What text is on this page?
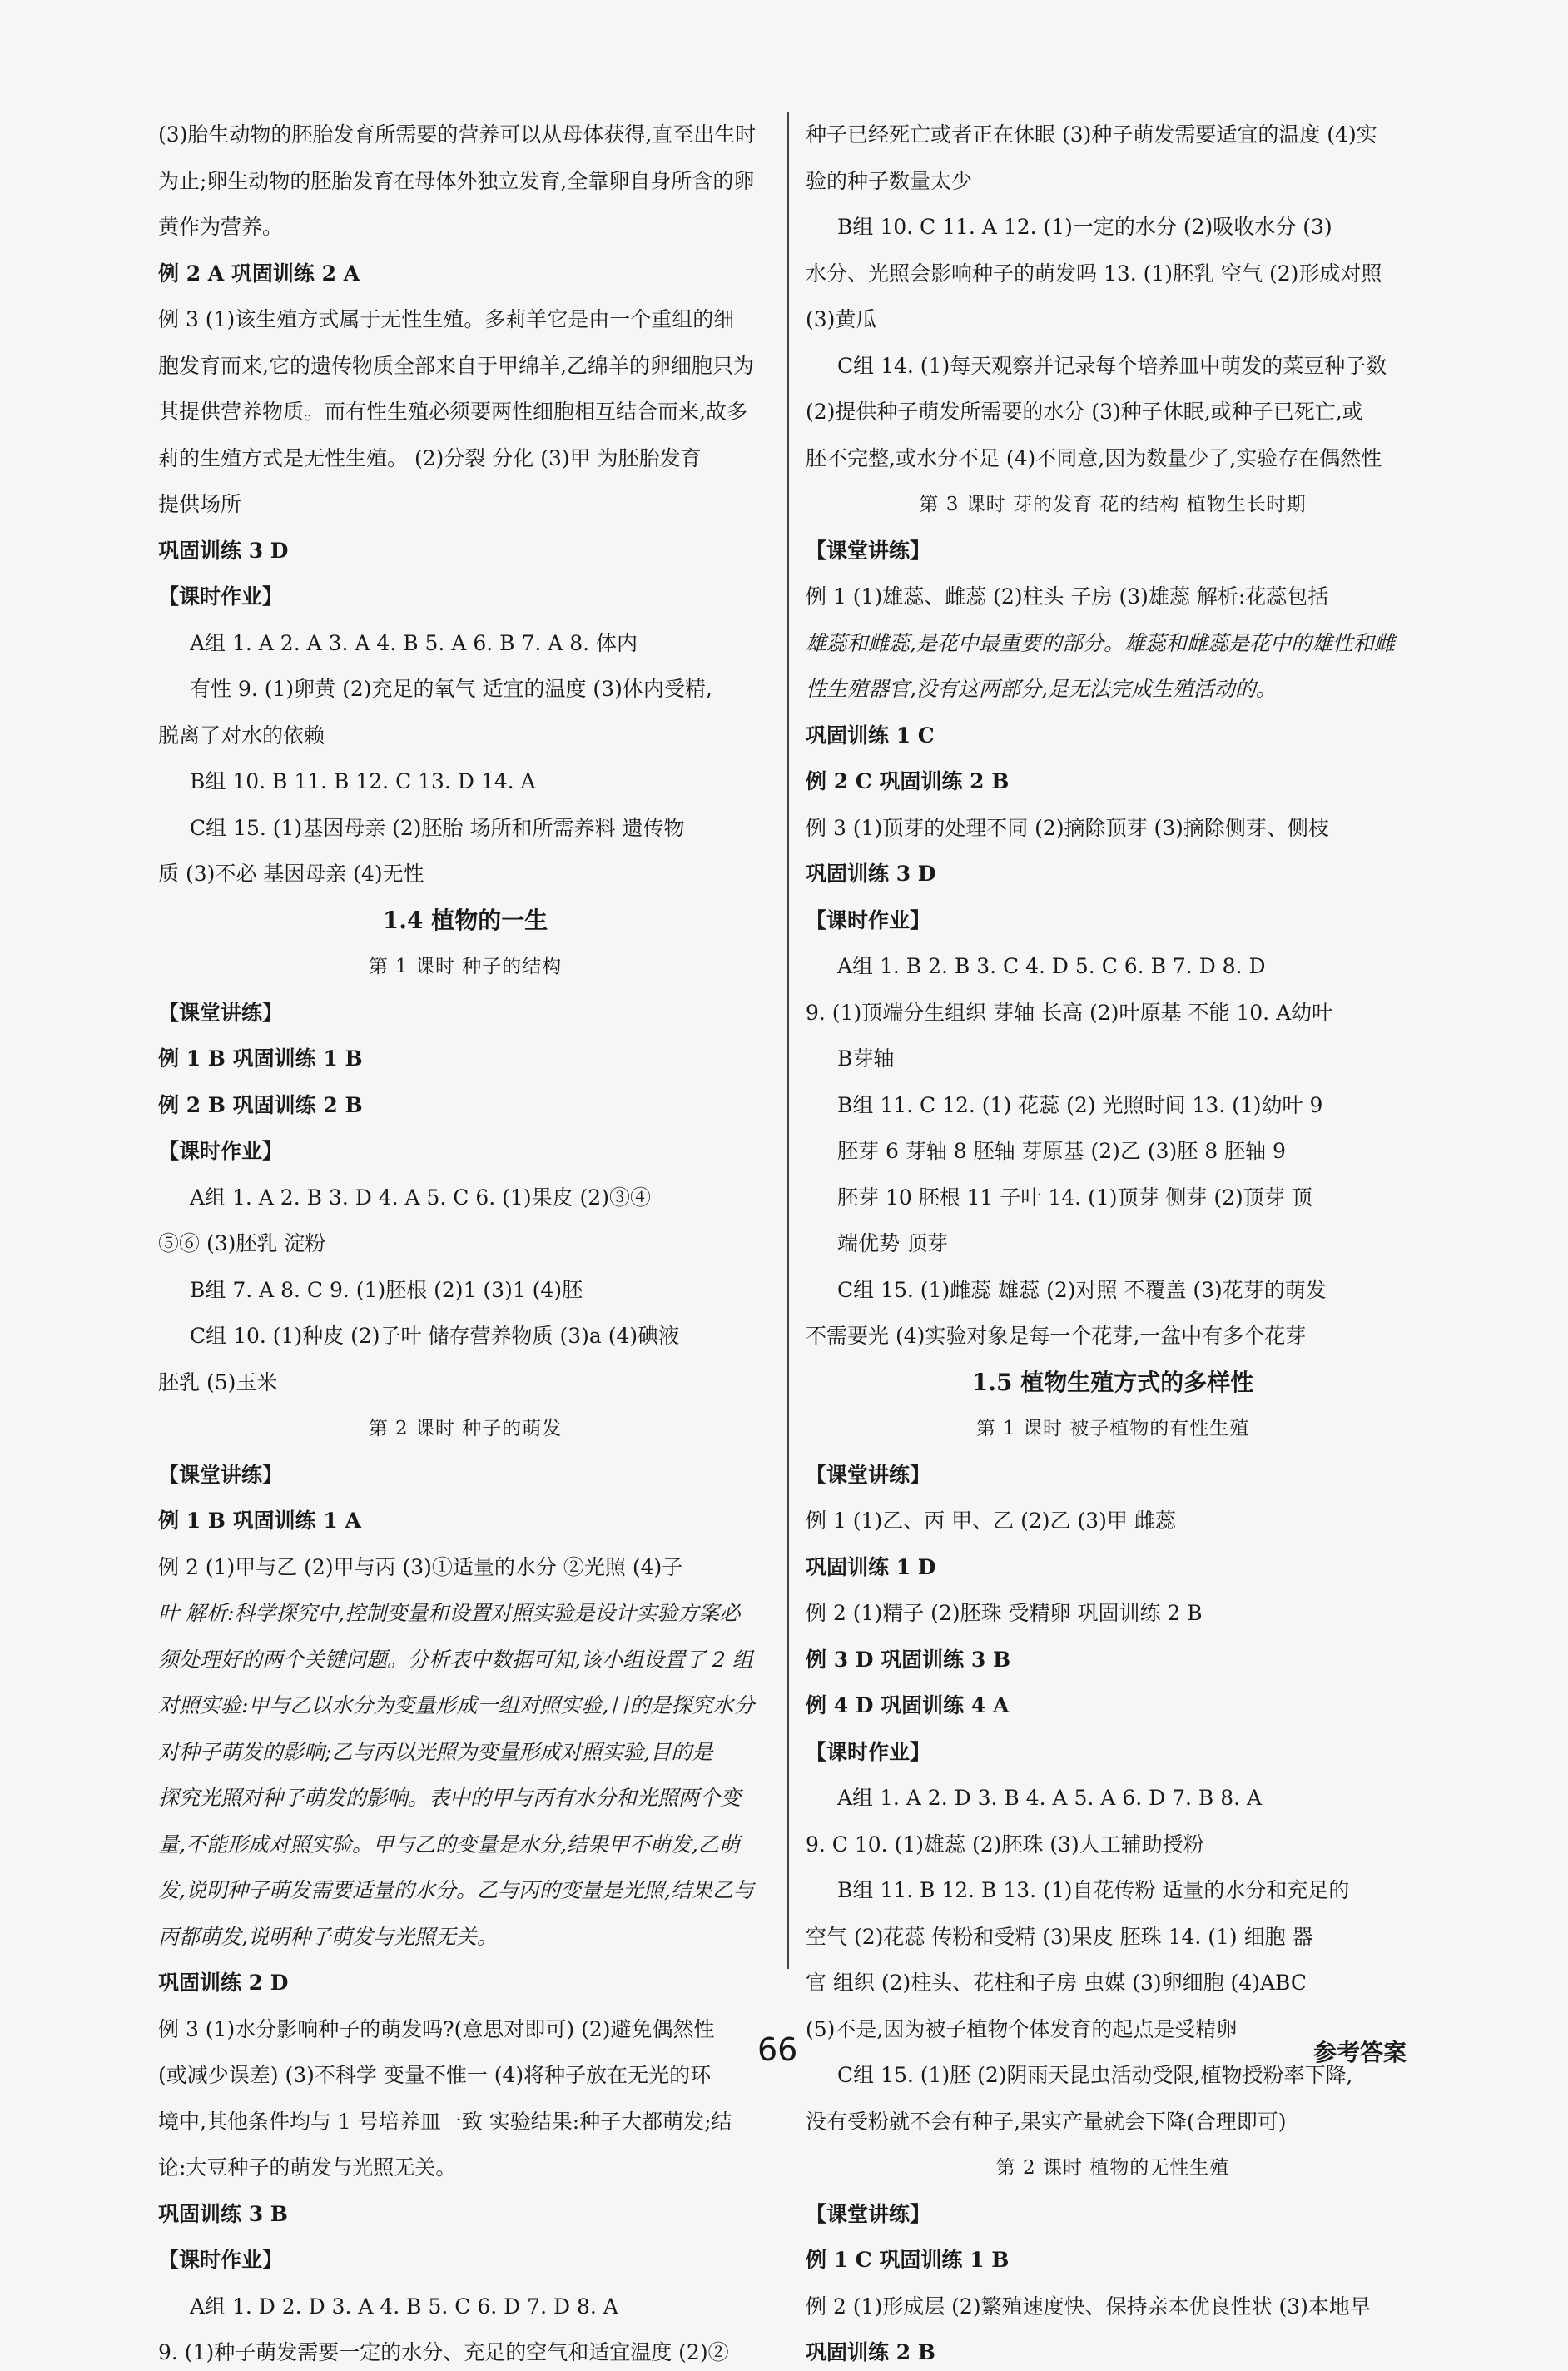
(3)胎生动物的胚胎发育所需要的营养可以从母体获得,直至出生时
为止;卵生动物的胚胎发育在母体外独立发育,全靠卵自身所含的卵
黄作为营养。
例 2 A 巩固训练 2 A
例 3 (1)该生殖方式属于无性生殖。多莉羊它是由一个重组的细
胞发育而来,它的遗传物质全部来自于甲绵羊,乙绵羊的卵细胞只为
其提供营养物质。而有性生殖必须要两性细胞相互结合而来,故多
莉的生殖方式是无性生殖。 (2)分裂 分化 (3)甲 为胚胎发育
提供场所
巩固训练 3 D
【课时作业】
A组 1. A 2. A 3. A 4. B 5. A 6. B 7. A 8. 体内
有性 9. (1)卵黄 (2)充足的氧气 适宜的温度 (3)体内受精,
脱离了对水的依赖
B组 10. B 11. B 12. C 13. D 14. A
C组 15. (1)基因母亲 (2)胚胎 场所和所需养料 遗传物
质 (3)不必 基因母亲 (4)无性
1.4 植物的一生
第 1 课时 种子的结构
【课堂讲练】
例 1 B 巩固训练 1 B
例 2 B 巩固训练 2 B
【课时作业】
A组 1. A 2. B 3. D 4. A 5. C 6. (1)果皮 (2)③④
⑤⑥ (3)胚乳 淀粉
B组 7. A 8. C 9. (1)胚根 (2)1 (3)1 (4)胚
C组 10. (1)种皮 (2)子叶 储存营养物质 (3)a (4)碘液
胚乳 (5)玉米
第 2 课时 种子的萌发
【课堂讲练】
例 1 B 巩固训练 1 A
例 2 (1)甲与乙 (2)甲与丙 (3)①适量的水分 ②光照 (4)子
叶 解析:科学探究中,控制变量和设置对照实验是设计实验方案必
须处理好的两个关键问题。分析表中数据可知,该小组设置了 2 组
对照实验:甲与乙以水分为变量形成一组对照实验,目的是探究水分
对种子萌发的影响;乙与丙以光照为变量形成对照实验,目的是
探究光照对种子萌发的影响。表中的甲与丙有水分和光照两个变
量,不能形成对照实验。甲与乙的变量是水分,结果甲不萌发,乙萌
发,说明种子萌发需要适量的水分。乙与丙的变量是光照,结果乙与
丙都萌发,说明种子萌发与光照无关。
巩固训练 2 D
例 3 (1)水分影响种子的萌发吗?(意思对即可) (2)避免偶然性
(或减少误差) (3)不科学 变量不惟一 (4)将种子放在无光的环
境中,其他条件均与 1 号培养皿一致 实验结果:种子大都萌发;结
论:大豆种子的萌发与光照无关。
巩固训练 3 B
【课时作业】
A组 1. D 2. D 3. A 4. B 5. C 6. D 7. D 8. A
9. (1)种子萌发需要一定的水分、充足的空气和适宜温度 (2)②
种子已经死亡或者正在休眠 (3)种子萌发需要适宜的温度 (4)实
验的种子数量太少
B组 10. C 11. A 12. (1)一定的水分 (2)吸收水分 (3)
水分、光照会影响种子的萌发吗 13. (1)胚乳 空气 (2)形成对照
(3)黄瓜
C组 14. (1)每天观察并记录每个培养皿中萌发的菜豆种子数
(2)提供种子萌发所需要的水分 (3)种子休眠,或种子已死亡,或
胚不完整,或水分不足 (4)不同意,因为数量少了,实验存在偶然性
第 3 课时 芽的发育 花的结构 植物生长时期
【课堂讲练】
例 1 (1)雄蕊、雌蕊 (2)柱头 子房 (3)雄蕊 解析:花蕊包括
雄蕊和雌蕊,是花中最重要的部分。雄蕊和雌蕊是花中的雄性和雌
性生殖器官,没有这两部分,是无法完成生殖活动的。
巩固训练 1 C
例 2 C 巩固训练 2 B
例 3 (1)顶芽的处理不同 (2)摘除顶芽 (3)摘除侧芽、侧枝
巩固训练 3 D
【课时作业】
A组 1. B 2. B 3. C 4. D 5. C 6. B 7. D 8. D
9. (1)顶端分生组织 芽轴 长高 (2)叶原基 不能 10. A幼叶
B芽轴
B组 11. C 12. (1) 花蕊 (2) 光照时间 13. (1)幼叶 9
胚芽 6 芽轴 8 胚轴 芽原基 (2)乙 (3)胚 8 胚轴 9
胚芽 10 胚根 11 子叶 14. (1)顶芽 侧芽 (2)顶芽 顶
端优势 顶芽
C组 15. (1)雌蕊 雄蕊 (2)对照 不覆盖 (3)花芽的萌发
不需要光 (4)实验对象是每一个花芽,一盆中有多个花芽
1.5 植物生殖方式的多样性
第 1 课时 被子植物的有性生殖
【课堂讲练】
例 1 (1)乙、丙 甲、乙 (2)乙 (3)甲 雌蕊
巩固训练 1 D
例 2 (1)精子 (2)胚珠 受精卵 巩固训练 2 B
例 3 D 巩固训练 3 B
例 4 D 巩固训练 4 A
【课时作业】
A组 1. A 2. D 3. B 4. A 5. A 6. D 7. B 8. A
9. C 10. (1)雄蕊 (2)胚珠 (3)人工辅助授粉
B组 11. B 12. B 13. (1)自花传粉 适量的水分和充足的
空气 (2)花蕊 传粉和受精 (3)果皮 胚珠 14. (1) 细胞 器
官 组织 (2)柱头、花柱和子房 虫媒 (3)卵细胞 (4)ABC
(5)不是,因为被子植物个体发育的起点是受精卵
C组 15. (1)胚 (2)阴雨天昆虫活动受限,植物授粉率下降,
没有受粉就不会有种子,果实产量就会下降(合理即可)
第 2 课时 植物的无性生殖
【课堂讲练】
例 1 C 巩固训练 1 B
例 2 (1)形成层 (2)繁殖速度快、保持亲本优良性状 (3)本地早
巩固训练 2 B
66	参考答案
